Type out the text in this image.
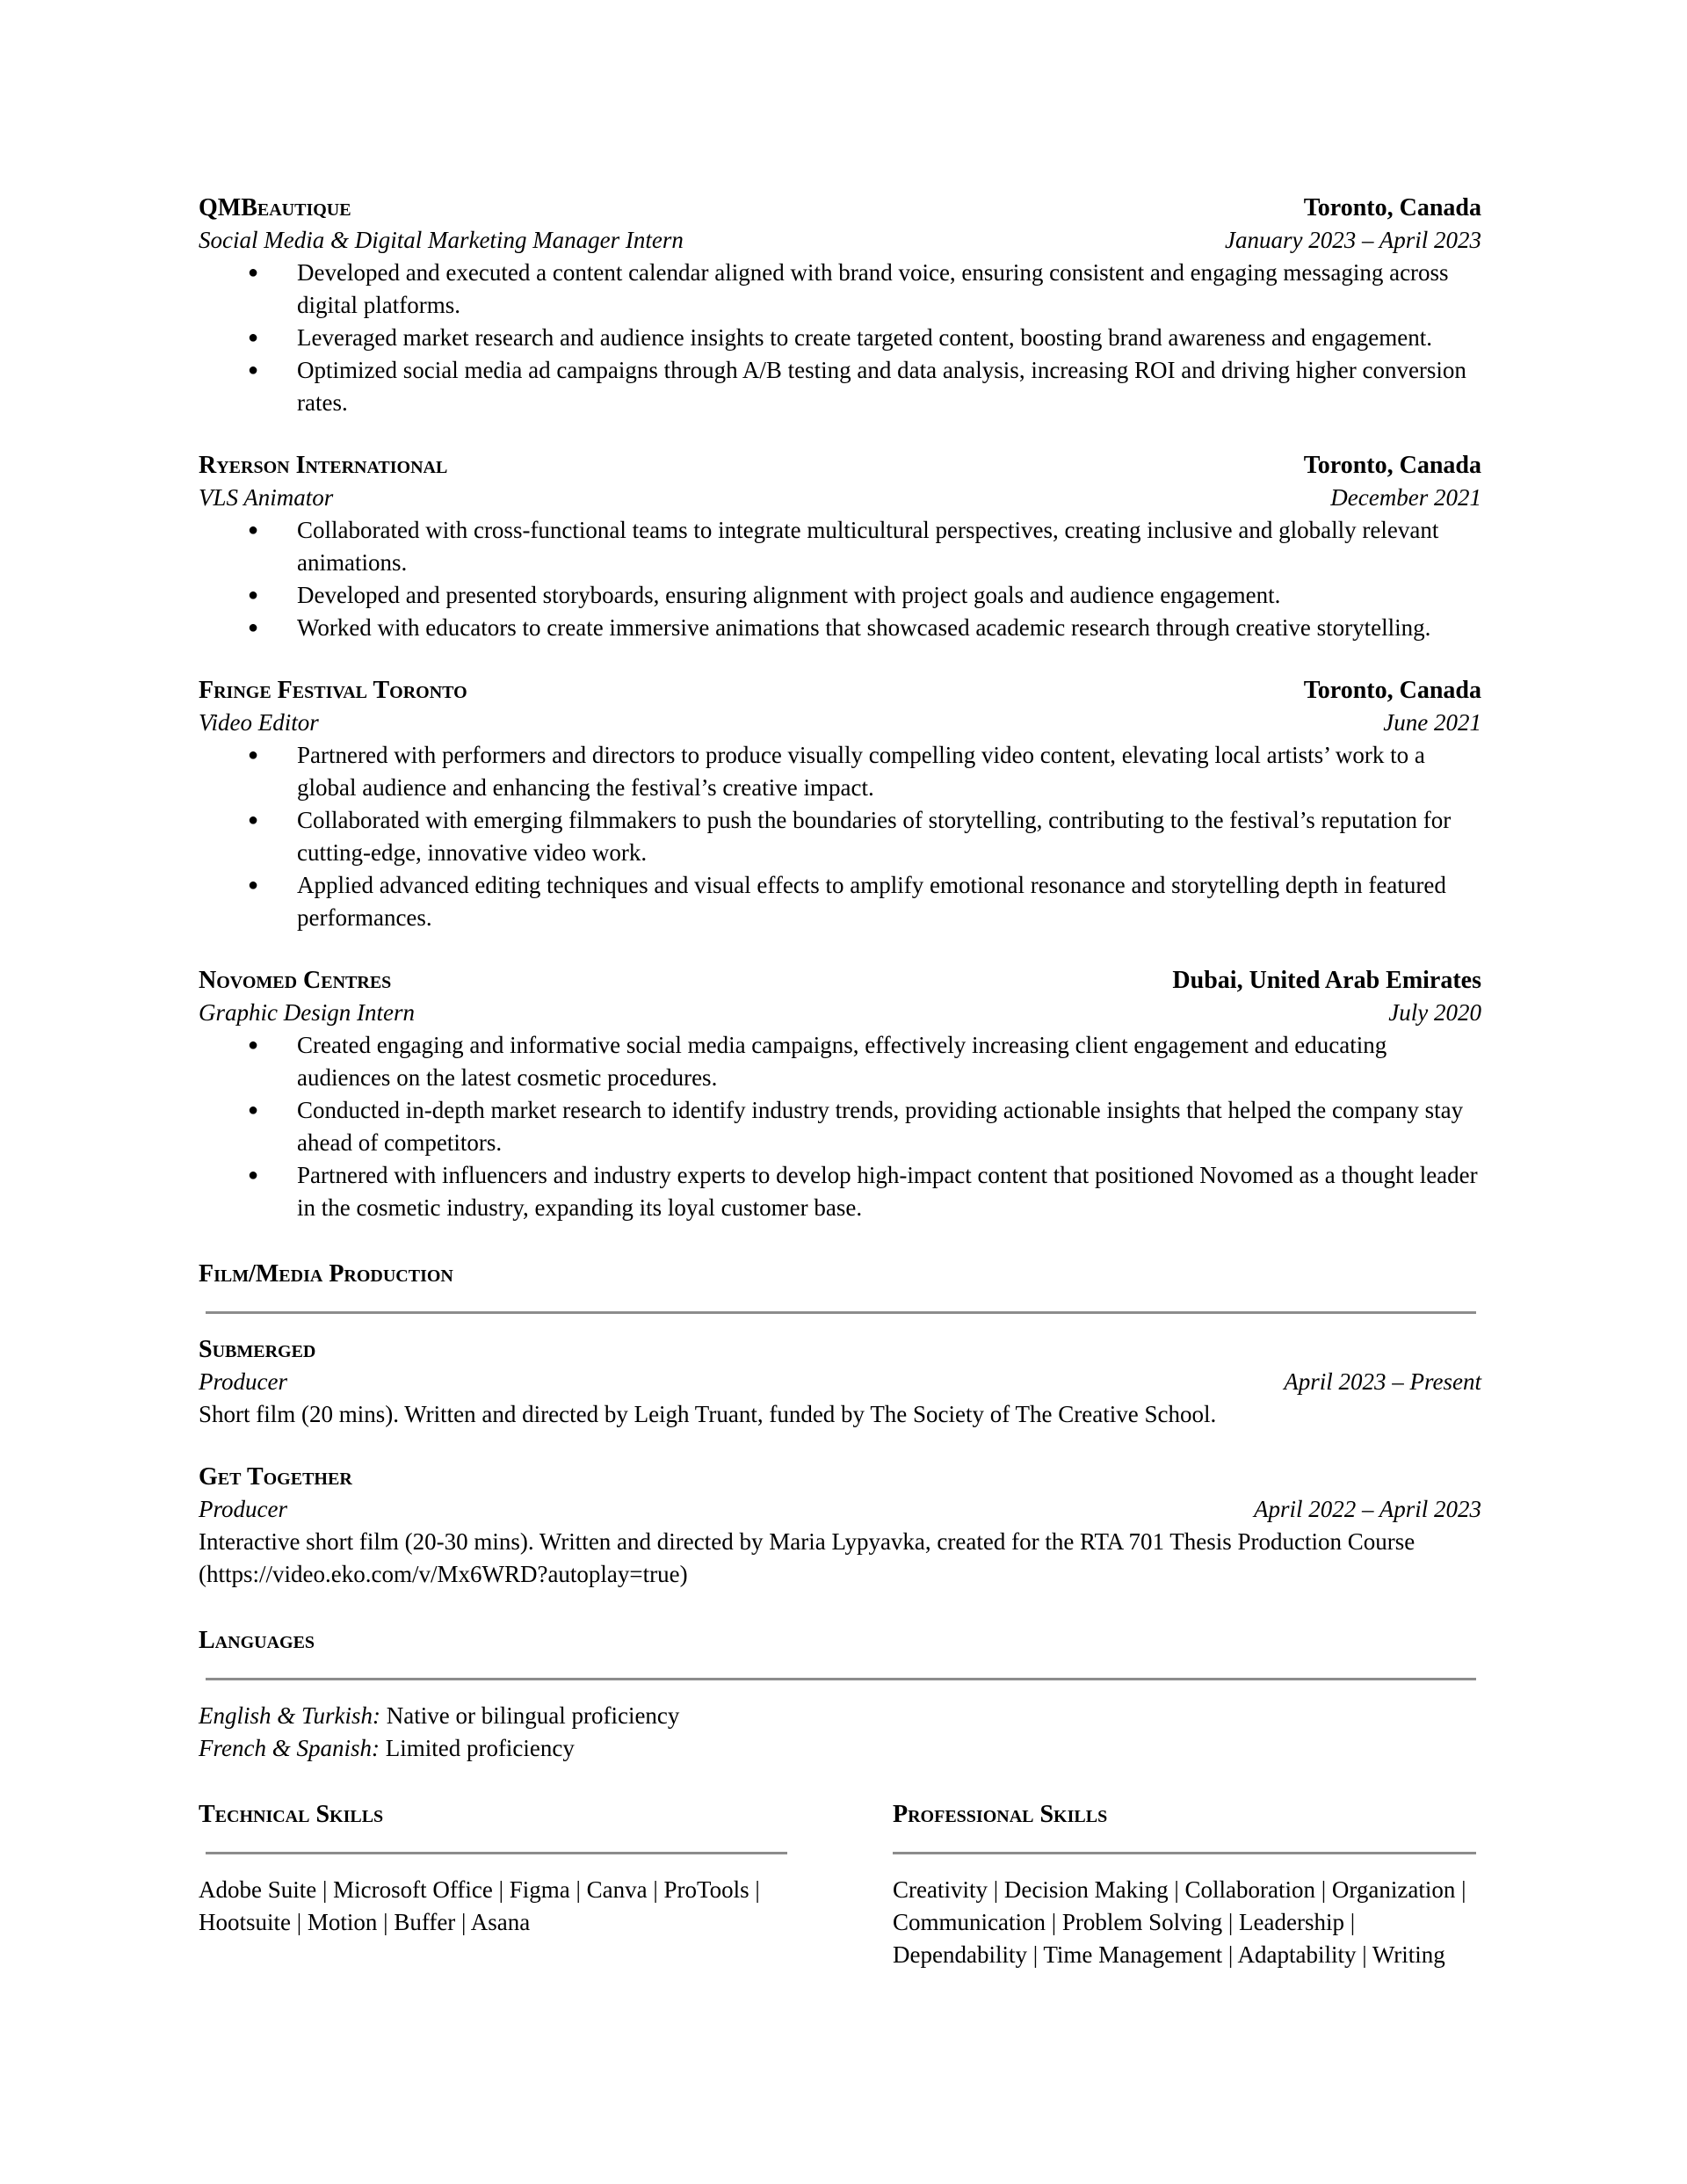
QMBeautique	Toronto, Canada
Social Media & Digital Marketing Manager Intern	January 2023 – April 2023
● Developed and executed a content calendar aligned with brand voice, ensuring consistent and engaging messaging across digital platforms.
● Leveraged market research and audience insights to create targeted content, boosting brand awareness and engagement.
● Optimized social media ad campaigns through A/B testing and data analysis, increasing ROI and driving higher conversion rates.
Ryerson International	Toronto, Canada
VLS Animator	December 2021
● Collaborated with cross-functional teams to integrate multicultural perspectives, creating inclusive and globally relevant animations.
● Developed and presented storyboards, ensuring alignment with project goals and audience engagement.
● Worked with educators to create immersive animations that showcased academic research through creative storytelling.
Fringe Festival Toronto	Toronto, Canada
Video Editor	June 2021
● Partnered with performers and directors to produce visually compelling video content, elevating local artists’ work to a global audience and enhancing the festival’s creative impact.
● Collaborated with emerging filmmakers to push the boundaries of storytelling, contributing to the festival’s reputation for cutting-edge, innovative video work.
● Applied advanced editing techniques and visual effects to amplify emotional resonance and storytelling depth in featured performances.
Novomed Centres	Dubai, United Arab Emirates
Graphic Design Intern	July 2020
● Created engaging and informative social media campaigns, effectively increasing client engagement and educating audiences on the latest cosmetic procedures.
● Conducted in-depth market research to identify industry trends, providing actionable insights that helped the company stay ahead of competitors.
● Partnered with influencers and industry experts to develop high-impact content that positioned Novomed as a thought leader in the cosmetic industry, expanding its loyal customer base.
Film/Media Production
Submerged
Producer	April 2023 – Present
Short film (20 mins). Written and directed by Leigh Truant, funded by The Society of The Creative School.
Get Together
Producer	April 2022 – April 2023
Interactive short film (20-30 mins). Written and directed by Maria Lypyavka, created for the RTA 701 Thesis Production Course (https://video.eko.com/v/Mx6WRD?autoplay=true)
Languages
English & Turkish: Native or bilingual proficiency
French & Spanish: Limited proficiency
Technical Skills
Adobe Suite | Microsoft Office | Figma | Canva | ProTools | Hootsuite | Motion | Buffer | Asana
Professional Skills
Creativity | Decision Making | Collaboration | Organization | Communication | Problem Solving | Leadership | Dependability | Time Management | Adaptability | Writing
